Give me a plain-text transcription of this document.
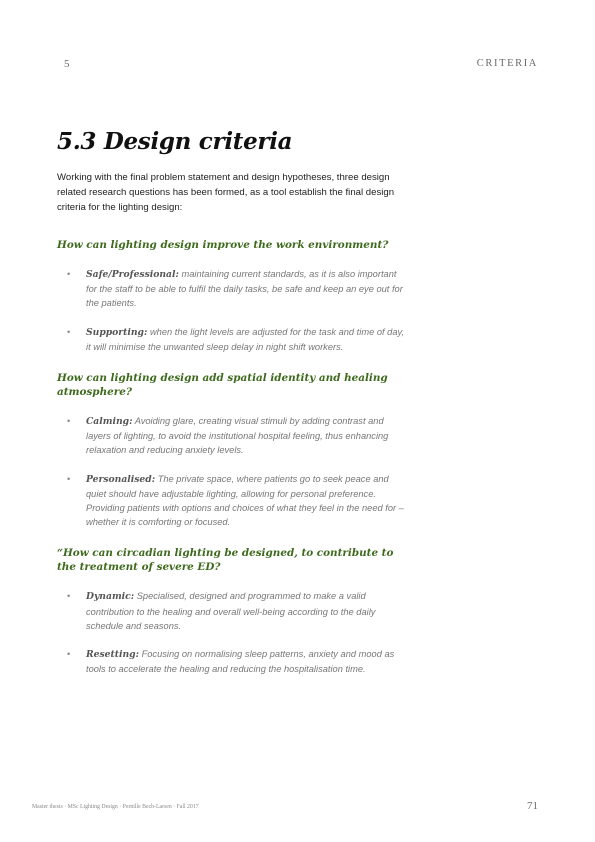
5	CRITERIA
5.3 Design criteria

Working with the final problem statement and design hypotheses, three design related research questions has been formed, as a tool establish the final design criteria for the lighting design:

How can lighting design improve the work environment?
• Safe/Professional: maintaining current standards, as it is also important for the staff to be able to fulfil the daily tasks, be safe and keep an eye out for the patients.
• Supporting: when the light levels are adjusted for the task and time of day, it will minimise the unwanted sleep delay in night shift workers.
How can lighting design add spatial identity and healing atmosphere?
• Calming: Avoiding glare, creating visual stimuli by adding contrast and layers of lighting, to avoid the institutional hospital feeling, thus enhancing relaxation and reducing anxiety levels.
• Personalised: The private space, where patients go to seek peace and quiet should have adjustable lighting, allowing for personal preference. Providing patients with options and choices of what they feel in the need for – whether it is comforting or focused.
“How can circadian lighting be designed, to contribute to the treatment of severe ED?
• Dynamic: Specialised, designed and programmed to make a valid contribution to the healing and overall well-being according to the daily schedule and seasons.
• Resetting: Focusing on normalising sleep patterns, anxiety and mood as tools to accelerate the healing and reducing the hospitalisation time.
Master thesis · MSc Lighting Design · Pernille Bech-Larsen · Fall 2017	71
